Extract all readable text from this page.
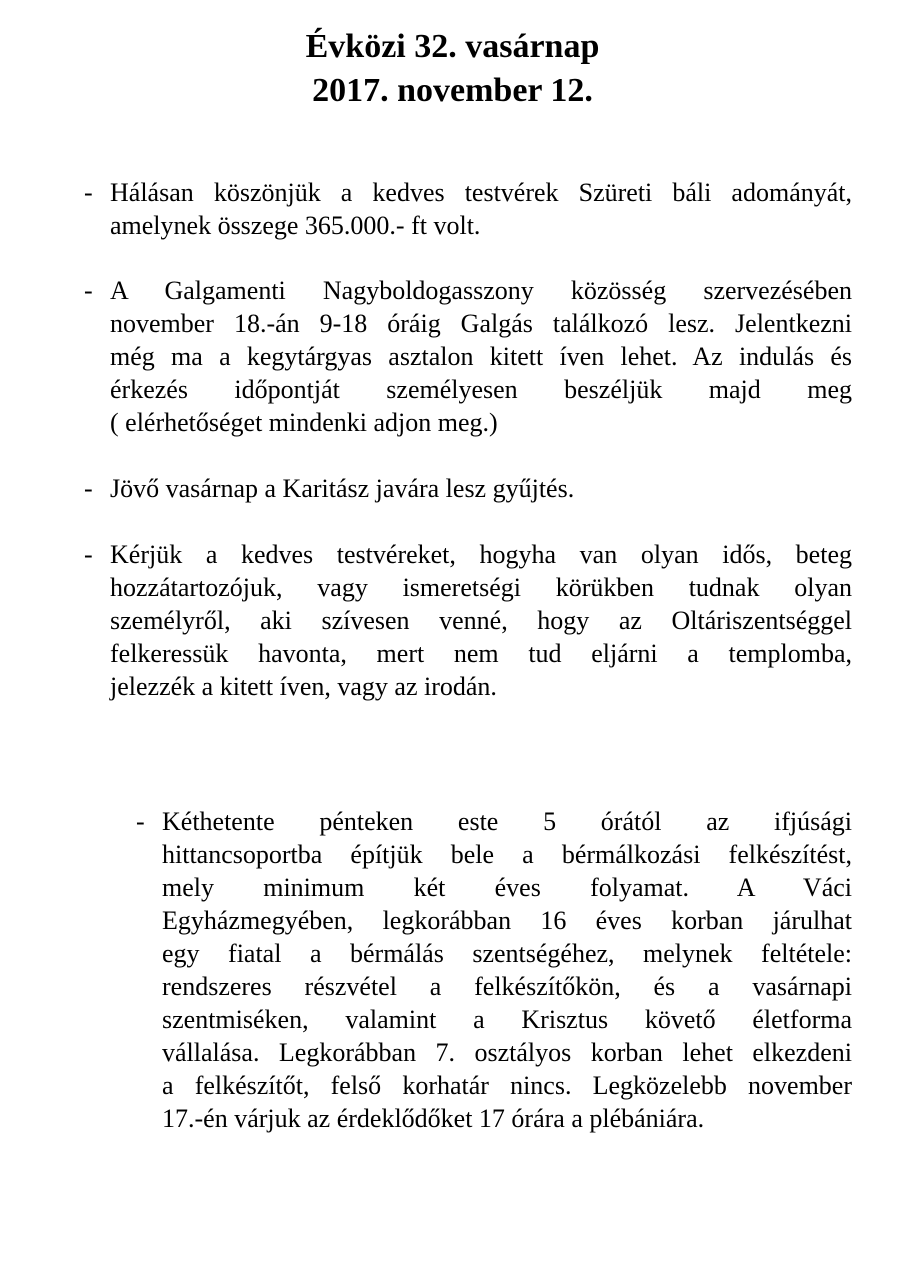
Évközi 32. vasárnap
2017. november 12.
- Hálásan köszönjük a kedves testvérek Szüreti báli adományát,
amelynek összege 365.000.- ft volt.
- A Galgamenti Nagyboldogasszony közösség szervezésében
november 18.-án 9-18 óráig Galgás találkozó lesz. Jelentkezni
még ma a kegytárgyas asztalon kitett íven lehet. Az indulás és
érkezés időpontját személyesen beszéljük majd meg
( elérhetőséget mindenki adjon meg.)
- Jövő vasárnap a Karitász javára lesz gyűjtés.
- Kérjük a kedves testvéreket, hogyha van olyan idős, beteg
hozzátartozójuk, vagy ismeretségi körükben tudnak olyan
személyről, aki szívesen venné, hogy az Oltáriszentséggel
felkeressük havonta, mert nem tud eljárni a templomba,
jelezzék a kitett íven, vagy az irodán.
- Kéthetente pénteken este 5 órától az ifjúsági
hittancsoportba építjük bele a bérmálkozási felkészítést,
mely minimum két éves folyamat. A Váci
Egyházmegyében, legkorábban 16 éves korban járulhat
egy fiatal a bérmálás szentségéhez, melynek feltétele:
rendszeres részvétel a felkészítőkön, és a vasárnapi
szentmiséken, valamint a Krisztus követő életforma
vállalása. Legkorábban 7. osztályos korban lehet elkezdeni
a felkészítőt, felső korhatár nincs. Legközelebb november
17.-én várjuk az érdeklődőket 17 órára a plébániára.
